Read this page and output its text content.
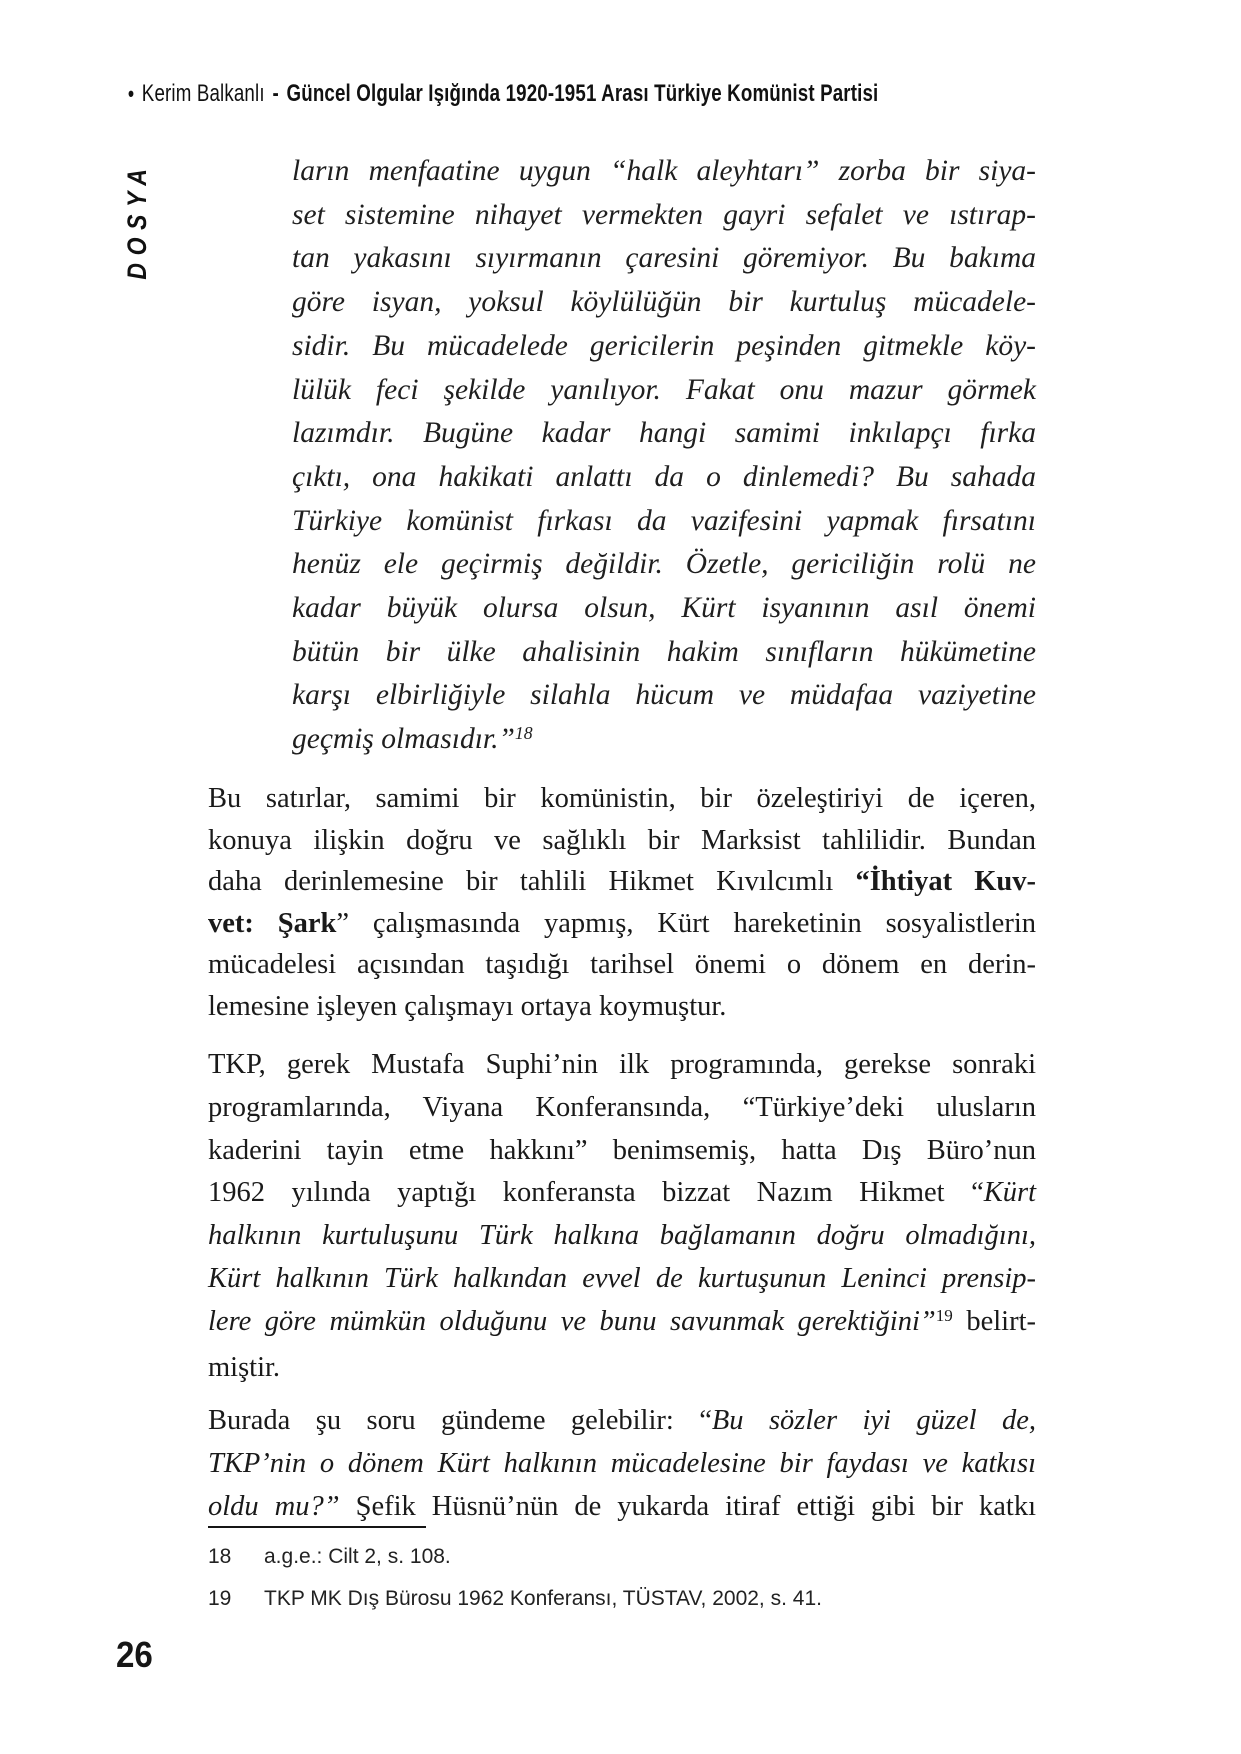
• Kerim Balkanlı - Güncel Olgular Işığında 1920-1951 Arası Türkiye Komünist Partisi
DOSYA	ların menfaatine uygun “halk aleyhtarı” zorba bir siya-
set sistemine nihayet vermekten gayri sefalet ve ıstırap-
tan yakasını sıyırmanın çaresini göremiyor. Bu bakıma
göre isyan, yoksul köylülüğün bir kurtuluş mücadele-
sidir. Bu mücadelede gericilerin peşinden gitmekle köy-
lülük feci şekilde yanılıyor. Fakat onu mazur görmek
lazımdır. Bugüne kadar hangi samimi inkılapçı fırka
çıktı, ona hakikati anlattı da o dinlemedi? Bu sahada
Türkiye komünist fırkası da vazifesini yapmak fırsatını
henüz ele geçirmiş değildir. Özetle, gericiliğin rolü ne
kadar büyük olursa olsun, Kürt isyanının asıl önemi
bütün bir ülke ahalisinin hakim sınıfların hükümetine
karşı elbirliğiyle silahla hücum ve müdafaa vaziyetine
geçmiş olmasıdır.”$^{18}$
Bu satırlar, samimi bir komünistin, bir özeleştiriyi de içeren,
konuya ilişkin doğru ve sağlıklı bir Marksist tahlilidir. Bundan
daha derinlemesine bir tahlili Hikmet Kıvılcımlı “İhtiyat Kuv-
vet: Şark” çalışmasında yapmış, Kürt hareketinin sosyalistlerin
mücadelesi açısından taşıdığı tarihsel önemi o dönem en derin-
lemesine işleyen çalışmayı ortaya koymuştur.
TKP, gerek Mustafa Suphi’nin ilk programında, gerekse sonraki
programlarında, Viyana Konferansında, “Türkiye’deki ulusların
kaderini tayin etme hakkını” benimsemiş, hatta Dış Büro’nun
1962 yılında yaptığı konferansta bizzat Nazım Hikmet “Kürt
halkının kurtuluşunu Türk halkına bağlamanın doğru olmadığını,
Kürt halkının Türk halkından evvel de kurtuşunun Leninci prensip-
lere göre mümkün olduğunu ve bunu savunmak gerektiğini”$^{19}$ belirt-
miştir.
Burada şu soru gündeme gelebilir: “Bu sözler iyi güzel de,
TKP’nin o dönem Kürt halkının mücadelesine bir faydası ve katkısı
oldu mu?” Şefik Hüsnü’nün de yukarda itiraf ettiği gibi bir katkı
18	a.g.e.: Cilt 2, s. 108.
19	TKP MK Dış Bürosu 1962 Konferansı, TÜSTAV, 2002, s. 41.
26
